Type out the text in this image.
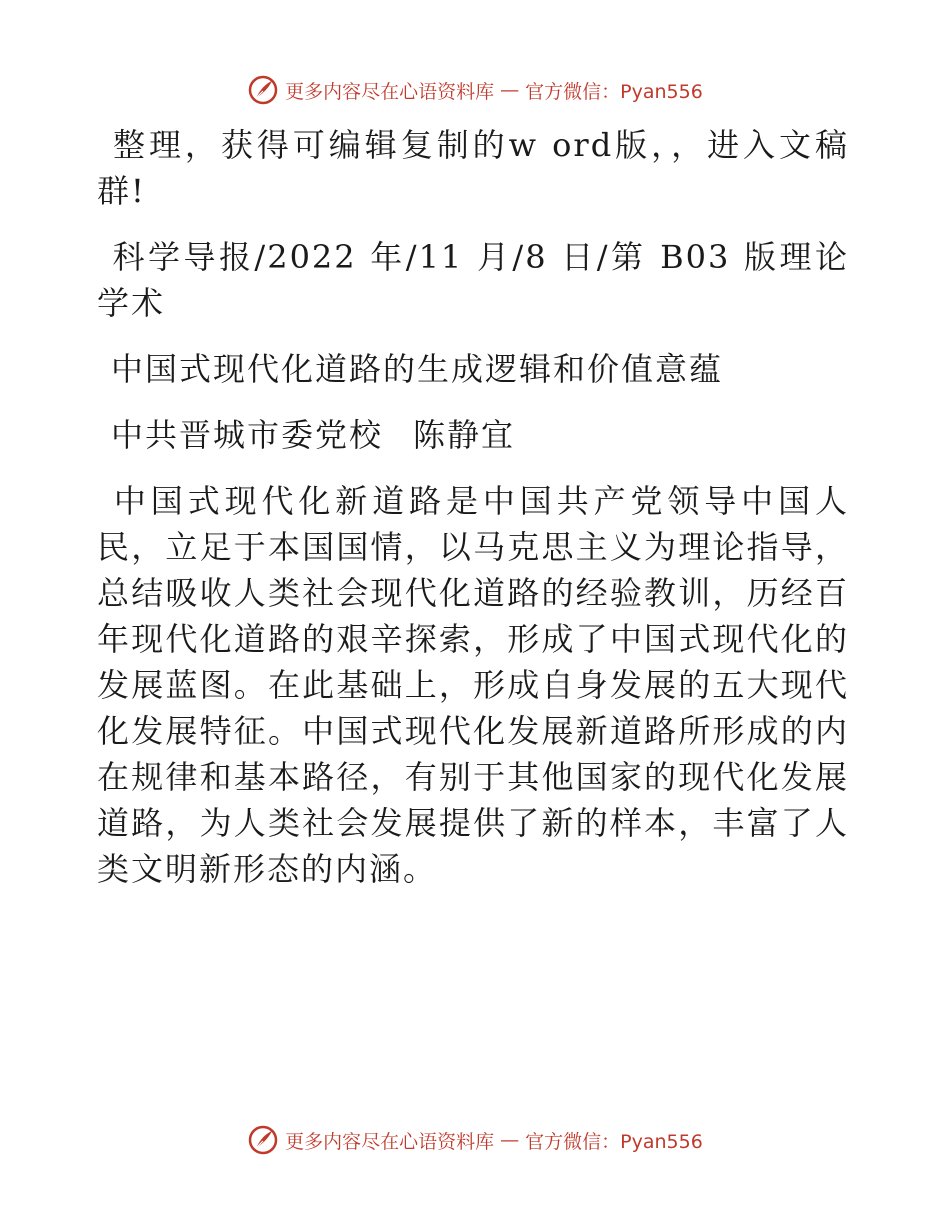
更多内容尽在心语资料库 — 官方微信：Pyan556

整理，获得可编辑复制的w ord版，，进入文稿群!

科学导报/2022 年/11 月/8 日/第 B03 版理论学术

中国式现代化道路的生成逻辑和价值意蕴

中共晋城市委党校 陈静宜

中国式现代化新道路是中国共产党领导中国人民，立足于本国国情，以马克思主义为理论指导，总结吸收人类社会现代化道路的经验教训，历经百年现代化道路的艰辛探索，形成了中国式现代化的发展蓝图。在此基础上，形成自身发展的五大现代化发展特征。中国式现代化发展新道路所形成的内在规律和基本路径，有别于其他国家的现代化发展道路，为人类社会发展提供了新的样本，丰富了人类文明新形态的内涵。

更多内容尽在心语资料库 — 官方微信：Pyan556
